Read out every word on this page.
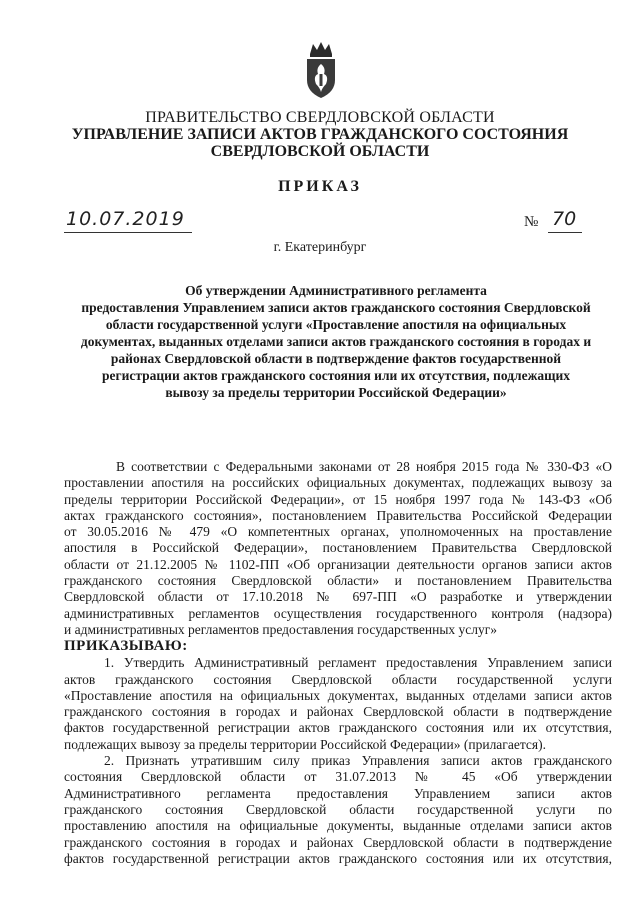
ПРАВИТЕЛЬСТВО СВЕРДЛОВСКОЙ ОБЛАСТИ
УПРАВЛЕНИЕ ЗАПИСИ АКТОВ ГРАЖДАНСКОГО СОСТОЯНИЯ
СВЕРДЛОВСКОЙ ОБЛАСТИ
ПРИКАЗ
10.07.2019	№ 70
г. Екатеринбург
Об утверждении Административного регламента
предоставления Управлением записи актов гражданского состояния Свердловской
области государственной услуги «Проставление апостиля на официальных
документах, выданных отделами записи актов гражданского состояния в городах и
районах Свердловской области в подтверждение фактов государственной
регистрации актов гражданского состояния или их отсутствия, подлежащих
вывозу за пределы территории Российской Федерации»
В соответствии с Федеральными законами от 28 ноября 2015 года № 330-ФЗ «О
проставлении апостиля на российских официальных документах, подлежащих вывозу за
пределы территории Российской Федерации», от 15 ноября 1997 года № 143-ФЗ «Об
актах гражданского состояния», постановлением Правительства Российской Федерации
от 30.05.2016 № 479 «О компетентных органах, уполномоченных на проставление
апостиля в Российской Федерации», постановлением Правительства Свердловской
области от 21.12.2005 № 1102-ПП «Об организации деятельности органов записи актов
гражданского состояния Свердловской области» и постановлением Правительства
Свердловской области от 17.10.2018 № 697-ПП «О разработке и утверждении
административных регламентов осуществления государственного контроля (надзора)
и административных регламентов предоставления государственных услуг»
ПРИКАЗЫВАЮ:
1. Утвердить Административный регламент предоставления Управлением записи
актов гражданского состояния Свердловской области государственной услуги
«Проставление апостиля на официальных документах, выданных отделами записи актов
гражданского состояния в городах и районах Свердловской области в подтверждение
фактов государственной регистрации актов гражданского состояния или их отсутствия,
подлежащих вывозу за пределы территории Российской Федерации» (прилагается).
2. Признать утратившим силу приказ Управления записи актов гражданского
состояния Свердловской области от 31.07.2013 № 45 «Об утверждении
Административного регламента предоставления Управлением записи актов
гражданского состояния Свердловской области государственной услуги по
проставлению апостиля на официальные документы, выданные отделами записи актов
гражданского состояния в городах и районах Свердловской области в подтверждение
фактов государственной регистрации актов гражданского состояния или их отсутствия,
